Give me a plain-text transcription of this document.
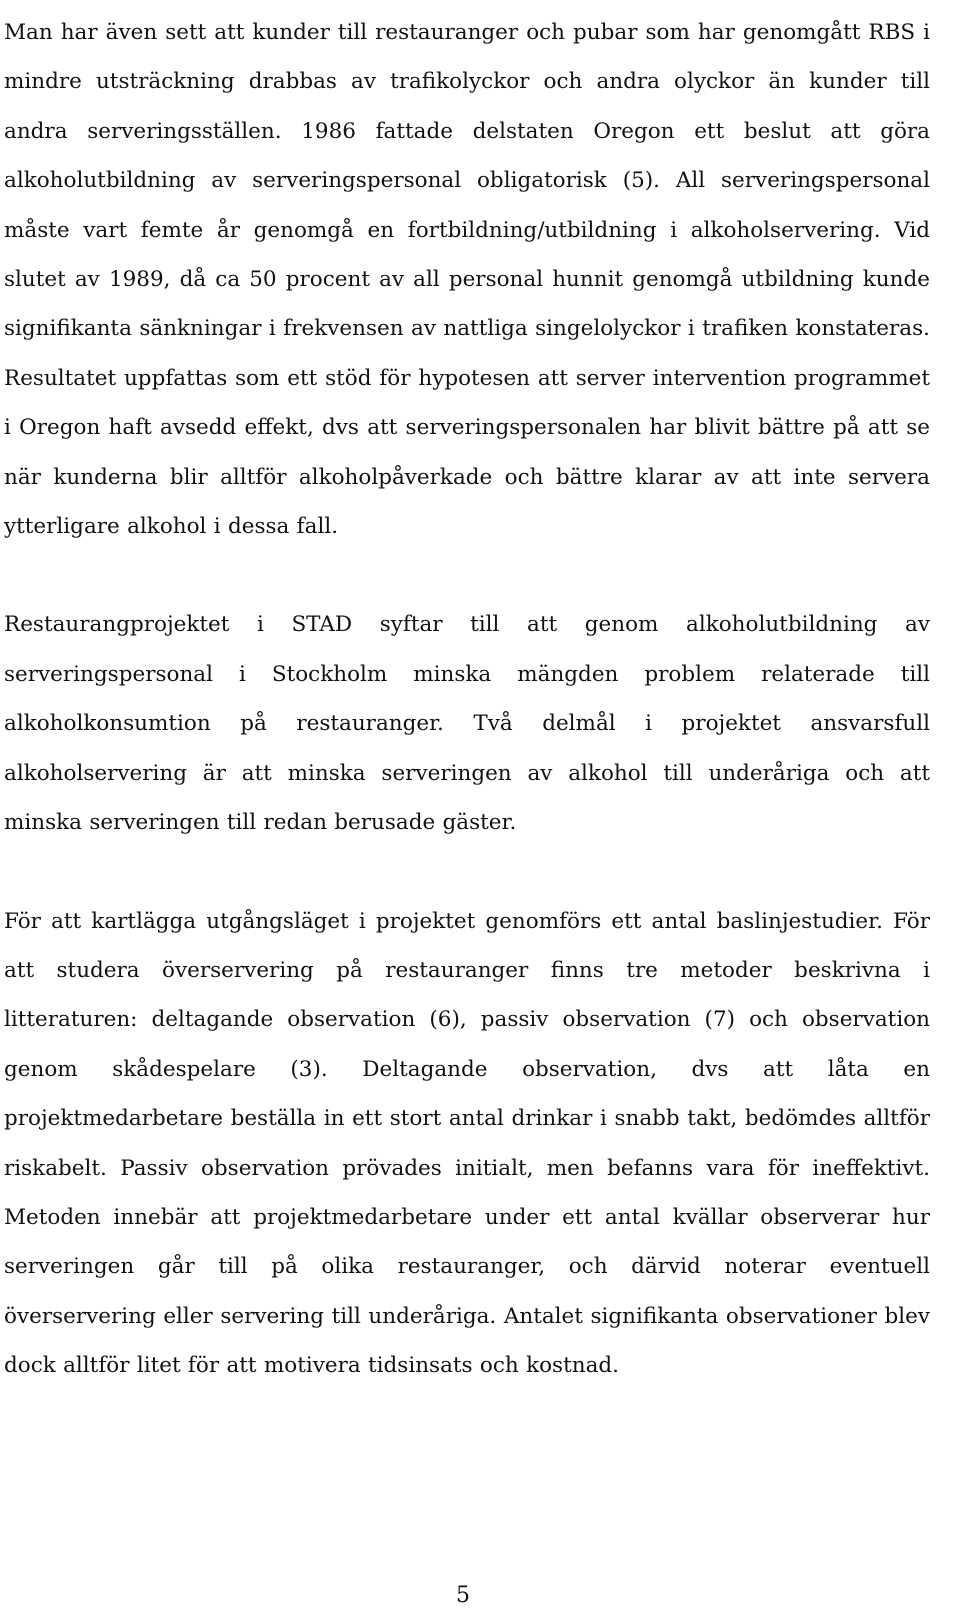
Man har även sett att kunder till restauranger och pubar som har genomgått RBS i mindre utsträckning drabbas av trafikolyckor och andra olyckor än kunder till andra serveringsställen. 1986 fattade delstaten Oregon ett beslut att göra alkoholutbildning av serveringspersonal obligatorisk (5). All serveringspersonal måste vart femte år genomgå en fortbildning/utbildning i alkoholservering. Vid slutet av 1989, då ca 50 procent av all personal hunnit genomgå utbildning kunde signifikanta sänkningar i frekvensen av nattliga singelolyckor i trafiken konstateras. Resultatet uppfattas som ett stöd för hypotesen att server intervention programmet i Oregon haft avsedd effekt, dvs att serveringspersonalen har blivit bättre på att se när kunderna blir alltför alkoholpåverkade och bättre klarar av att inte servera ytterligare alkohol i dessa fall.

Restaurangprojektet i STAD syftar till att genom alkoholutbildning av serveringspersonal i Stockholm minska mängden problem relaterade till alkoholkonsumtion på restauranger. Två delmål i projektet ansvarsfull alkoholservering är att minska serveringen av alkohol till underåriga och att minska serveringen till redan berusade gäster.

För att kartlägga utgångsläget i projektet genomförs ett antal baslinjestudier. För att studera överservering på restauranger finns tre metoder beskrivna i litteraturen: deltagande observation (6), passiv observation (7) och observation genom skådespelare (3). Deltagande observation, dvs att låta en projektmedarbetare beställa in ett stort antal drinkar i snabb takt, bedömdes alltför riskabelt. Passiv observation prövades initialt, men befanns vara för ineffektivt. Metoden innebär att projektmedarbetare under ett antal kvällar observerar hur serveringen går till på olika restauranger, och därvid noterar eventuell överservering eller servering till underåriga. Antalet signifikanta observationer blev dock alltför litet för att motivera tidsinsats och kostnad.

5
